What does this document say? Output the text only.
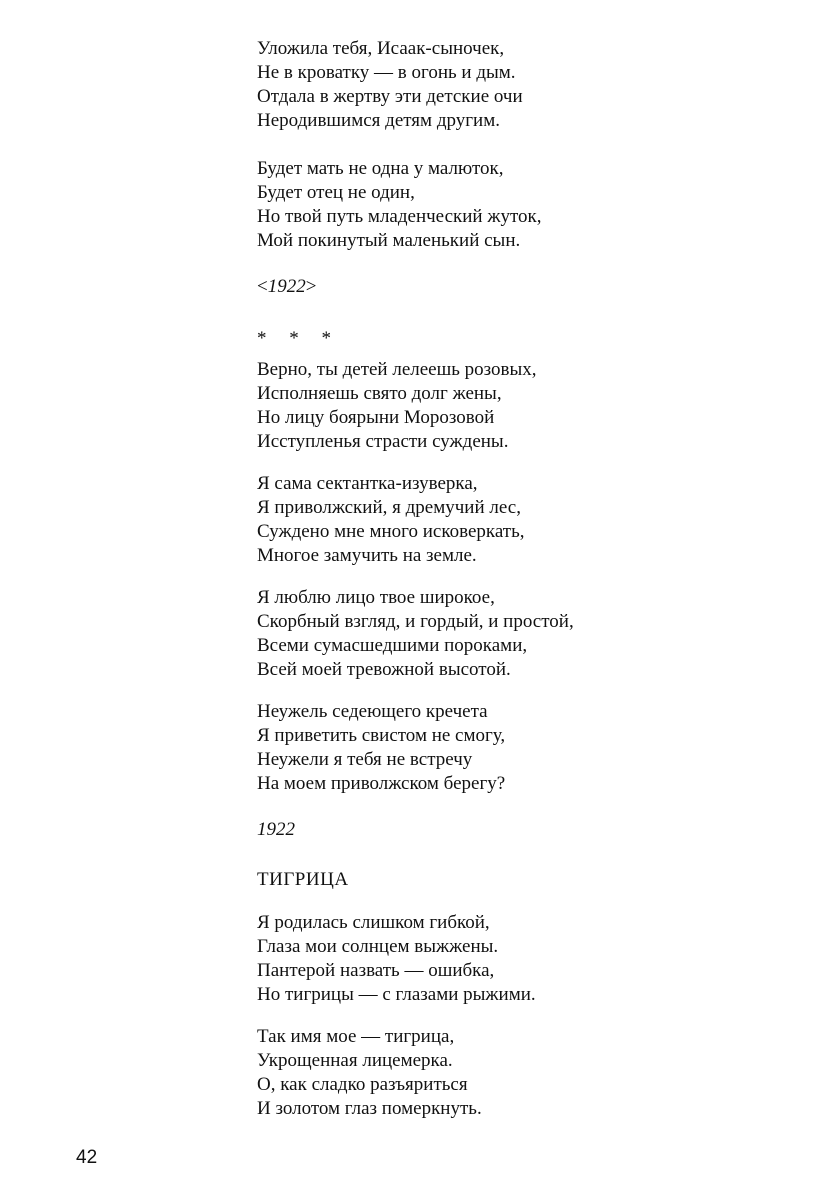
Уложила тебя, Исаак-сыночек,
Не в кроватку — в огонь и дым.
Отдала в жертву эти детские очи
Неродившимся детям другим.

Будет мать не одна у малюток,
Будет отец не один,
Но твой путь младенческий жуток,
Мой покинутый маленький сын.

<1922>

* * *

Верно, ты детей лелеешь розовых,
Исполняешь свято долг жены,
Но лицу боярыни Морозовой
Исступленья страсти суждены.

Я сама сектантка-изуверка,
Я приволжский, я дремучий лес,
Суждено мне много исковеркать,
Многое замучить на земле.

Я люблю лицо твое широкое,
Скорбный взгляд, и гордый, и простой,
Всеми сумасшедшими пороками,
Всей моей тревожной высотой.

Неужель седеющего кречета
Я приветить свистом не смогу,
Неужели я тебя не встречу
На моем приволжском берегу?

1922

ТИГРИЦА

Я родилась слишком гибкой,
Глаза мои солнцем выжжены.
Пантерой назвать — ошибка,
Но тигрицы — с глазами рыжими.

Так имя мое — тигрица,
Укрощенная лицемерка.
О, как сладко разъяриться
И золотом глаз померкнуть.

42
